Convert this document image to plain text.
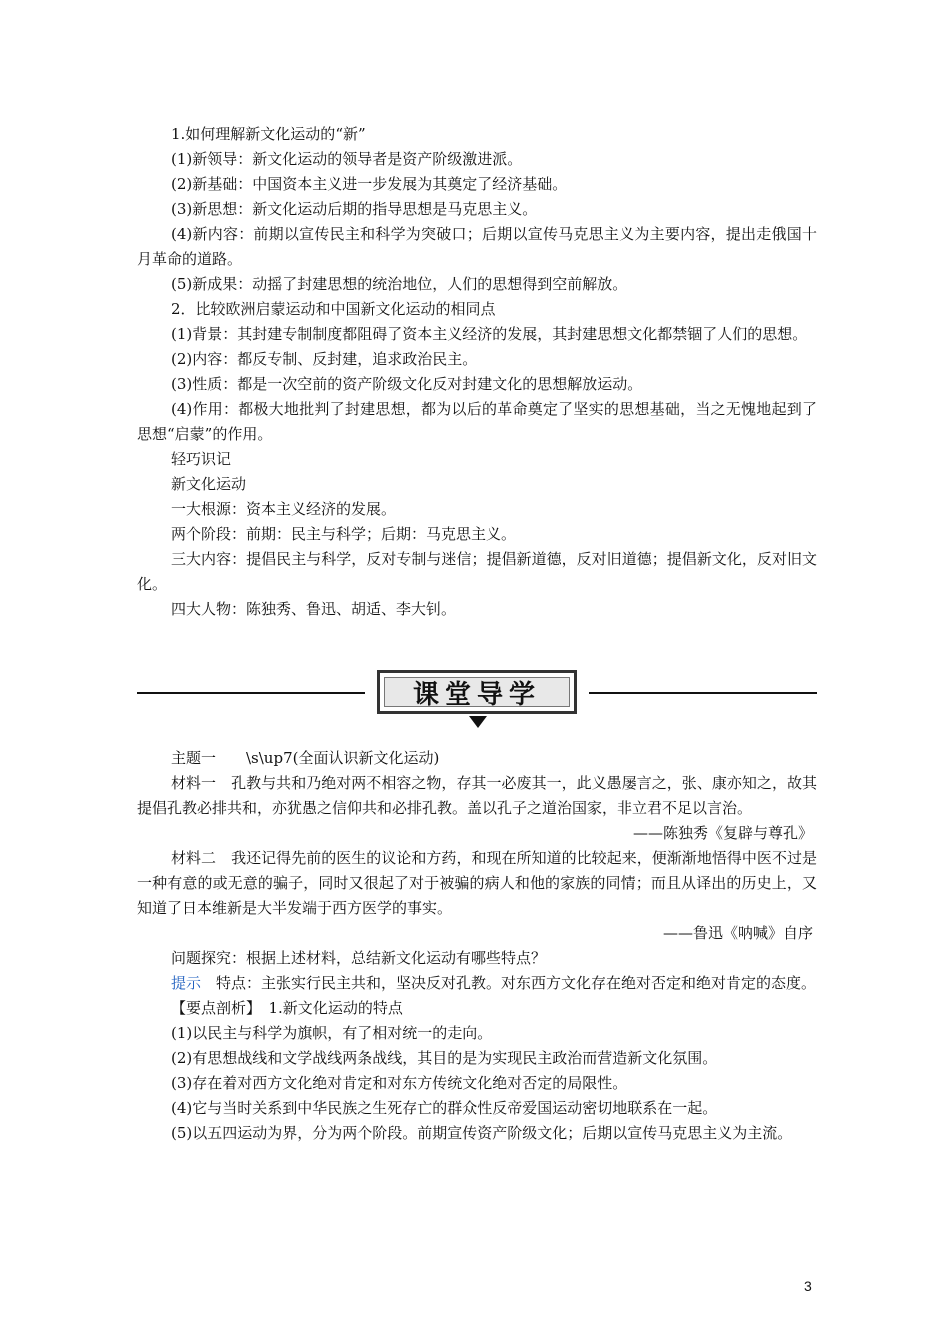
1.如何理解新文化运动的“新”

(1)新领导：新文化运动的领导者是资产阶级激进派。

(2)新基础：中国资本主义进一步发展为其奠定了经济基础。

(3)新思想：新文化运动后期的指导思想是马克思主义。

(4)新内容：前期以宣传民主和科学为突破口；后期以宣传马克思主义为主要内容，提出走俄国十月革命的道路。

(5)新成果：动摇了封建思想的统治地位，人们的思想得到空前解放。

2．比较欧洲启蒙运动和中国新文化运动的相同点

(1)背景：其封建专制制度都阻碍了资本主义经济的发展，其封建思想文化都禁锢了人们的思想。

(2)内容：都反专制、反封建，追求政治民主。

(3)性质：都是一次空前的资产阶级文化反对封建文化的思想解放运动。

(4)作用：都极大地批判了封建思想，都为以后的革命奠定了坚实的思想基础，当之无愧地起到了思想“启蒙”的作用。

轻巧识记

新文化运动

一大根源：资本主义经济的发展。

两个阶段：前期：民主与科学；后期：马克思主义。

三大内容：提倡民主与科学，反对专制与迷信；提倡新道德，反对旧道德；提倡新文化，反对旧文化。

四大人物：陈独秀、鲁迅、胡适、李大钊。

课堂导学

主题一　　\s\up7(全面认识新文化运动)

材料一　孔教与共和乃绝对两不相容之物，存其一必废其一，此义愚屡言之，张、康亦知之，故其提倡孔教必排共和，亦犹愚之信仰共和必排孔教。盖以孔子之道治国家，非立君不足以言治。

——陈独秀《复辟与尊孔》

材料二　我还记得先前的医生的议论和方药，和现在所知道的比较起来，便渐渐地悟得中医不过是一种有意的或无意的骗子，同时又很起了对于被骗的病人和他的家族的同情；而且从译出的历史上，又知道了日本维新是大半发端于西方医学的事实。

——鲁迅《呐喊》自序

问题探究：根据上述材料，总结新文化运动有哪些特点？

提示　特点：主张实行民主共和，坚决反对孔教。对东西方文化存在绝对否定和绝对肯定的态度。

【要点剖析】　1.新文化运动的特点

(1)以民主与科学为旗帜，有了相对统一的走向。

(2)有思想战线和文学战线两条战线，其目的是为实现民主政治而营造新文化氛围。

(3)存在着对西方文化绝对肯定和对东方传统文化绝对否定的局限性。

(4)它与当时关系到中华民族之生死存亡的群众性反帝爱国运动密切地联系在一起。

(5)以五四运动为界，分为两个阶段。前期宣传资产阶级文化；后期以宣传马克思主义为主流。

3
